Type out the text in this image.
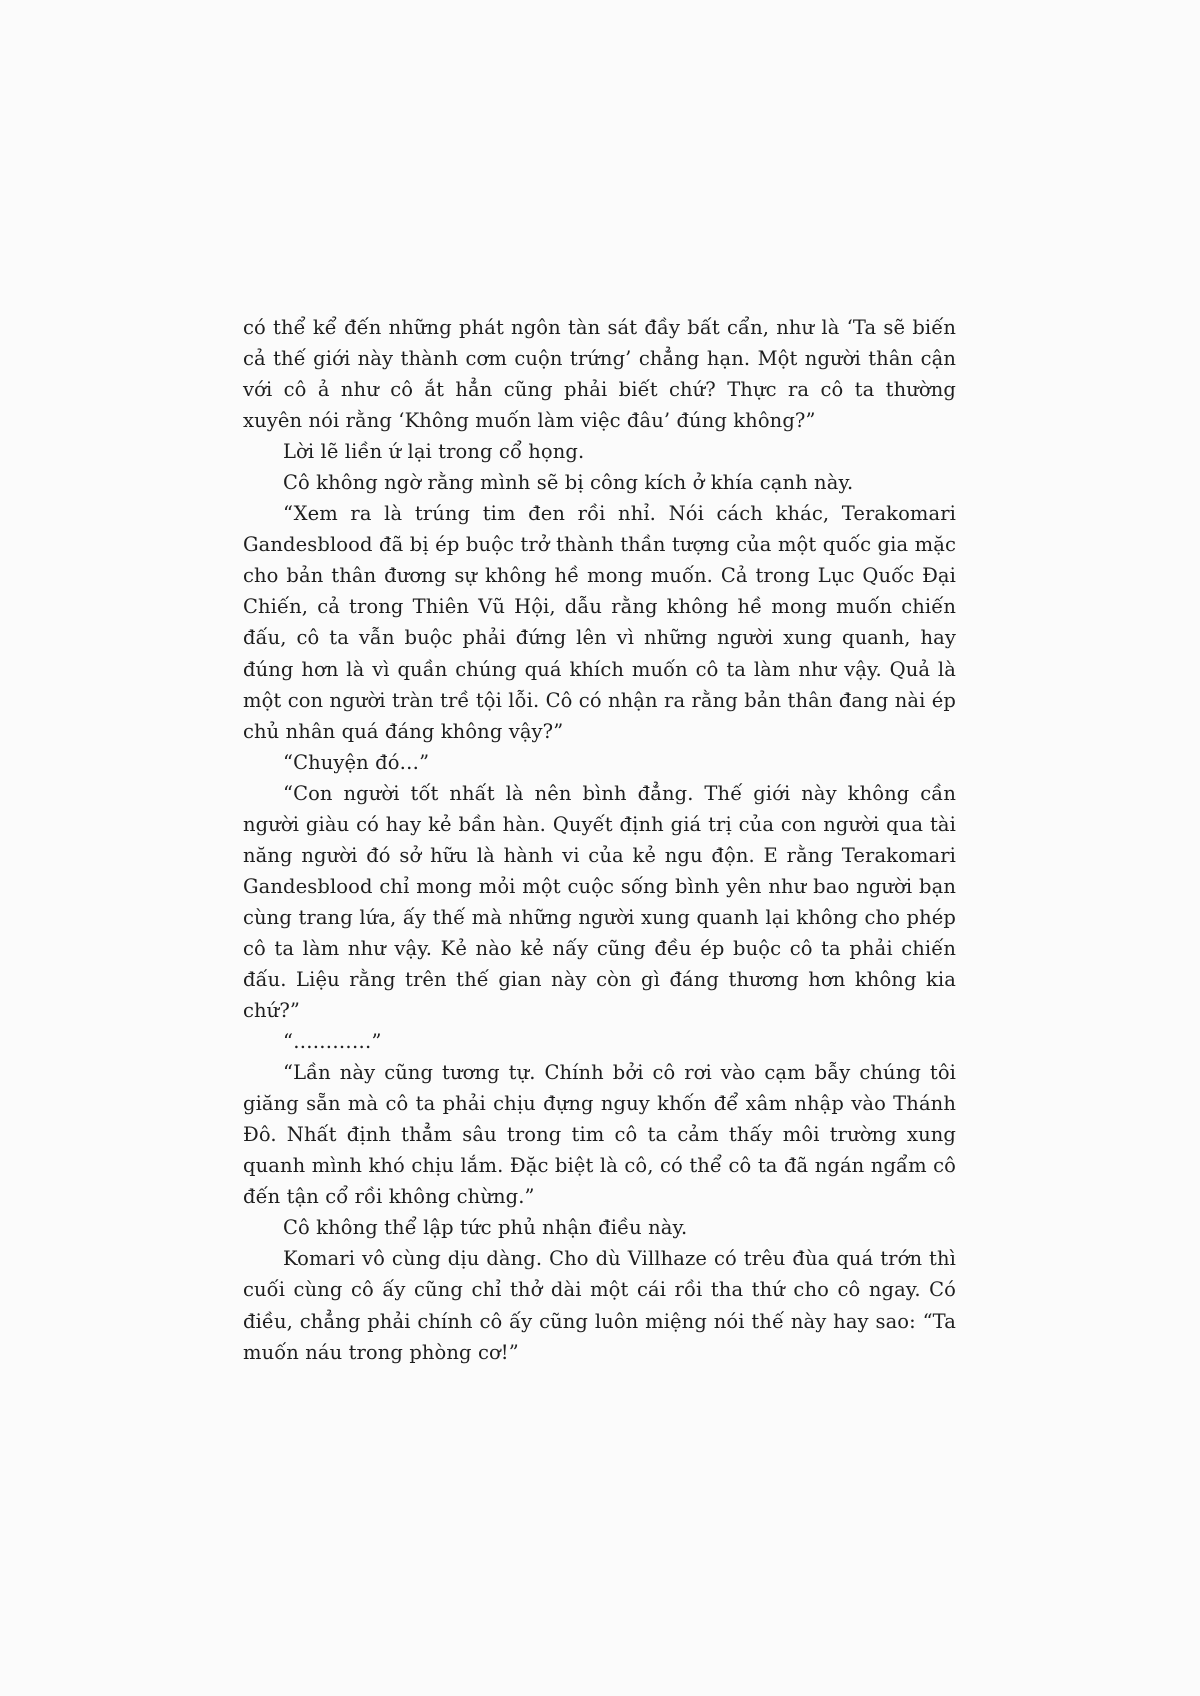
có thể kể đến những phát ngôn tàn sát đầy bất cẩn, như là ‘Ta sẽ biến
cả thế giới này thành cơm cuộn trứng’ chẳng hạn. Một người thân cận
với cô ả như cô ắt hẳn cũng phải biết chứ? Thực ra cô ta thường
xuyên nói rằng ‘Không muốn làm việc đâu’ đúng không?”
Lời lẽ liền ứ lại trong cổ họng.
Cô không ngờ rằng mình sẽ bị công kích ở khía cạnh này.
“Xem ra là trúng tim đen rồi nhỉ. Nói cách khác, Terakomari
Gandesblood đã bị ép buộc trở thành thần tượng của một quốc gia mặc
cho bản thân đương sự không hề mong muốn. Cả trong Lục Quốc Đại
Chiến, cả trong Thiên Vũ Hội, dẫu rằng không hề mong muốn chiến
đấu, cô ta vẫn buộc phải đứng lên vì những người xung quanh, hay
đúng hơn là vì quần chúng quá khích muốn cô ta làm như vậy. Quả là
một con người tràn trề tội lỗi. Cô có nhận ra rằng bản thân đang nài ép
chủ nhân quá đáng không vậy?”
“Chuyện đó…”
“Con người tốt nhất là nên bình đẳng. Thế giới này không cần
người giàu có hay kẻ bần hàn. Quyết định giá trị của con người qua tài
năng người đó sở hữu là hành vi của kẻ ngu độn. E rằng Terakomari
Gandesblood chỉ mong mỏi một cuộc sống bình yên như bao người bạn
cùng trang lứa, ấy thế mà những người xung quanh lại không cho phép
cô ta làm như vậy. Kẻ nào kẻ nấy cũng đều ép buộc cô ta phải chiến
đấu. Liệu rằng trên thế gian này còn gì đáng thương hơn không kia
chứ?”
“…………”
“Lần này cũng tương tự. Chính bởi cô rơi vào cạm bẫy chúng tôi
giăng sẵn mà cô ta phải chịu đựng nguy khốn để xâm nhập vào Thánh
Đô. Nhất định thẳm sâu trong tim cô ta cảm thấy môi trường xung
quanh mình khó chịu lắm. Đặc biệt là cô, có thể cô ta đã ngán ngẩm cô
đến tận cổ rồi không chừng.”
Cô không thể lập tức phủ nhận điều này.
Komari vô cùng dịu dàng. Cho dù Villhaze có trêu đùa quá trớn thì
cuối cùng cô ấy cũng chỉ thở dài một cái rồi tha thứ cho cô ngay. Có
điều, chẳng phải chính cô ấy cũng luôn miệng nói thế này hay sao: “Ta
muốn náu trong phòng cơ!”
